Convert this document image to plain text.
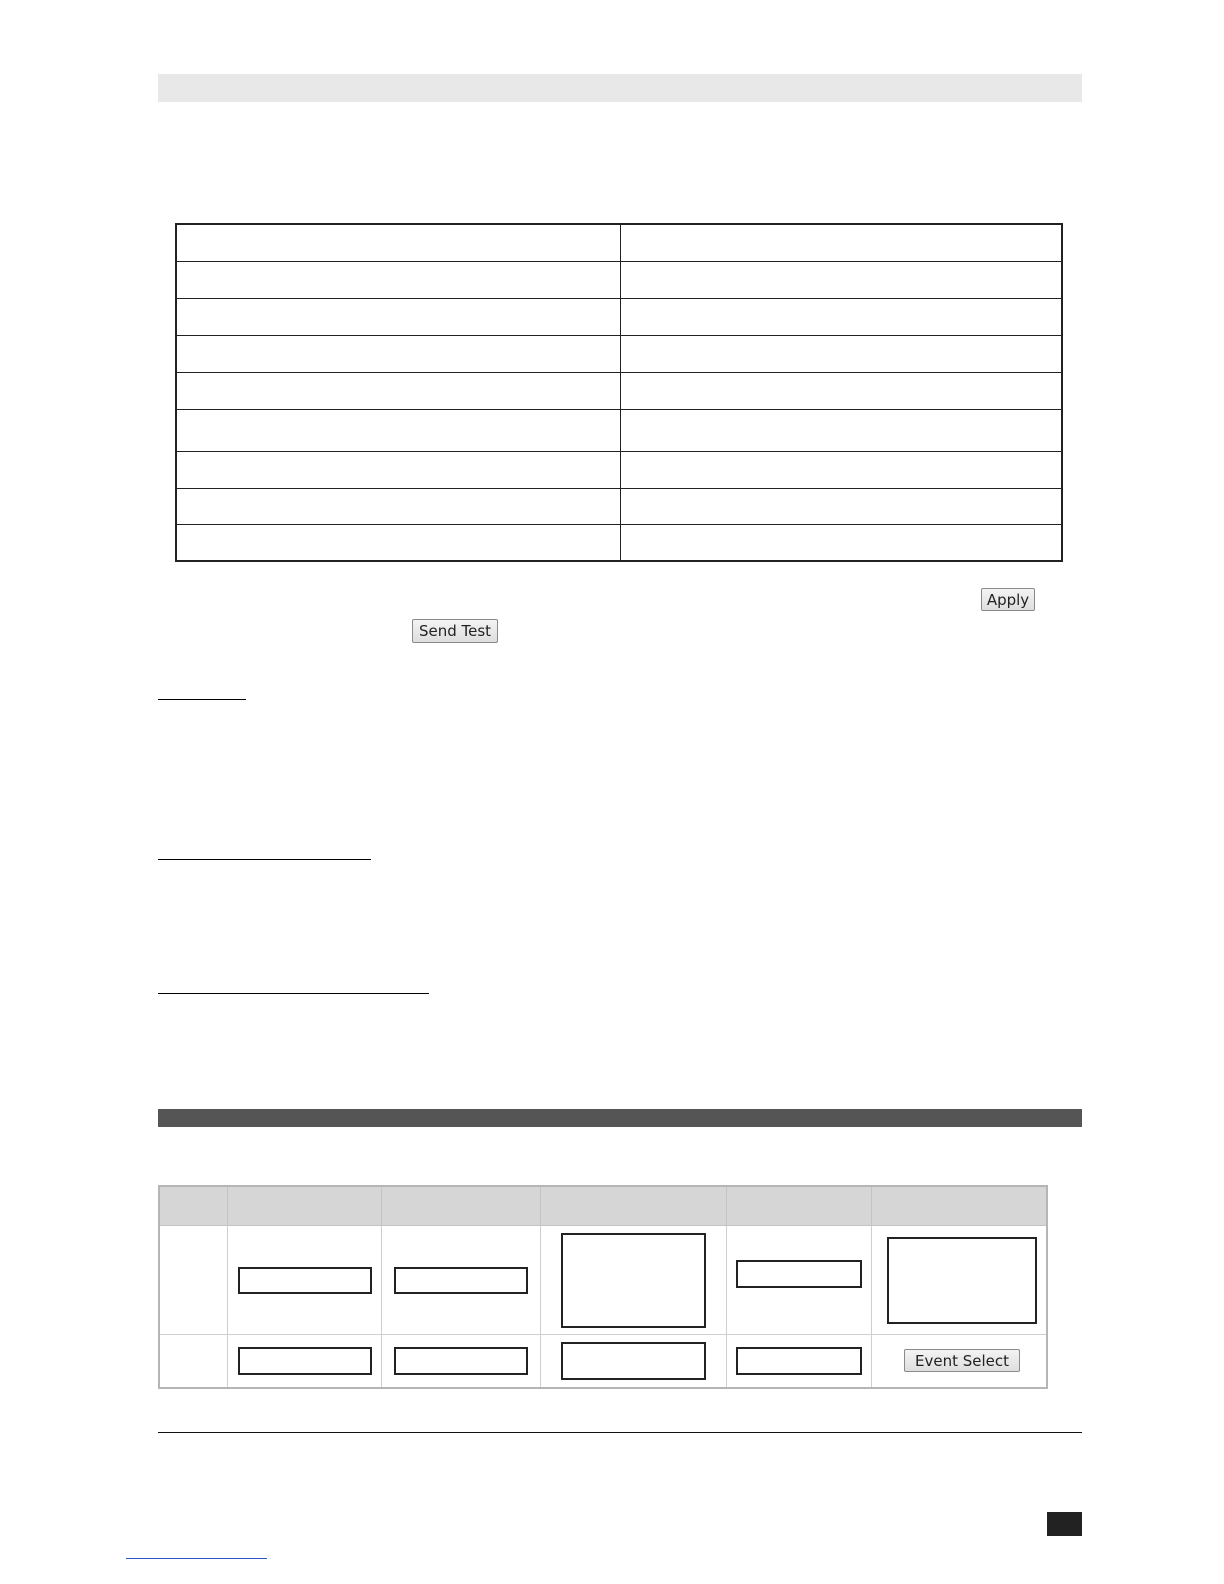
Apply
Send Test

Event Select
